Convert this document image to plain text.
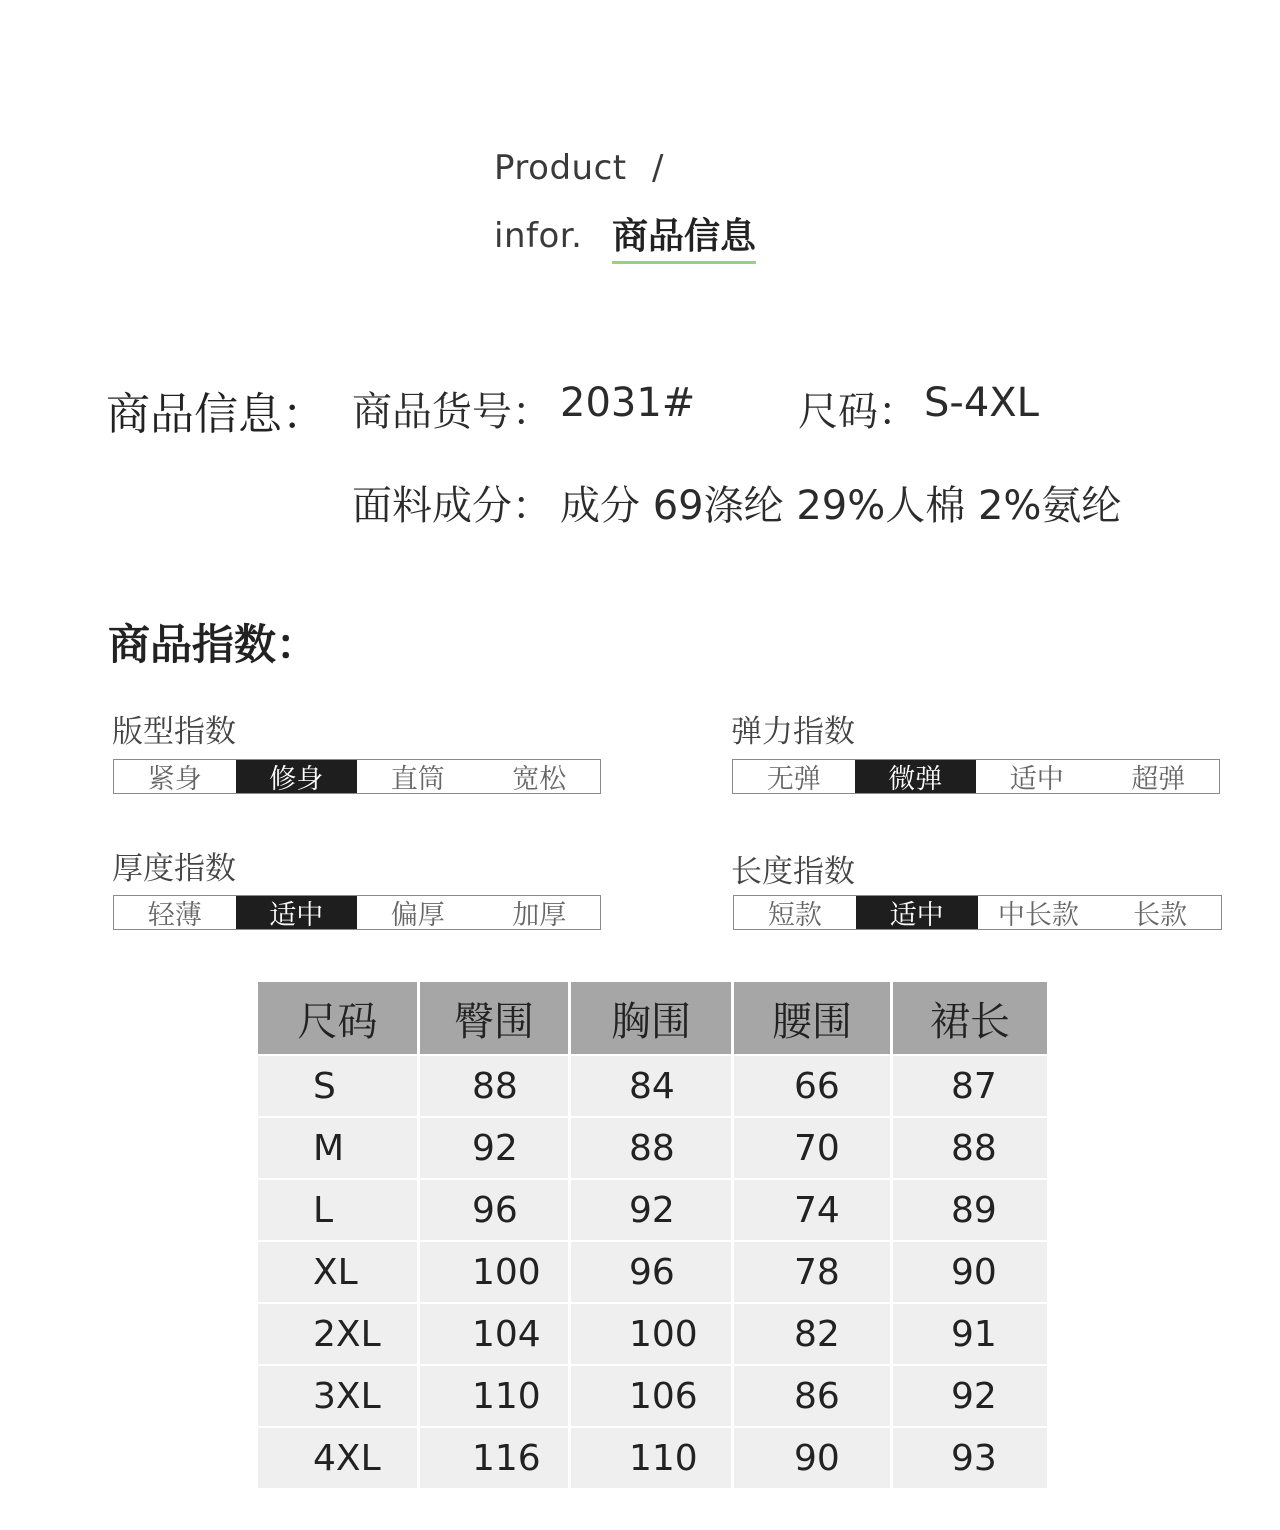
Product /
infor. 商品信息
商品信息： 商品货号： 2031#	尺码： S-4XL
面料成分： 成分 69涤纶 29%人棉 2%氨纶
商品指数：
版型指数
紧身	修身	直筒	宽松
弹力指数
无弹	微弹	适中	超弹
厚度指数
轻薄	适中	偏厚	加厚
长度指数
短款	适中	中长款	长款
尺码	臀围	胸围	腰围	裙长
S	88	84	66	87
M	92	88	70	88
L	96	92	74	89
XL	100	96	78	90
2XL	104	100	82	91
3XL	110	106	86	92
4XL	116	110	90	93
